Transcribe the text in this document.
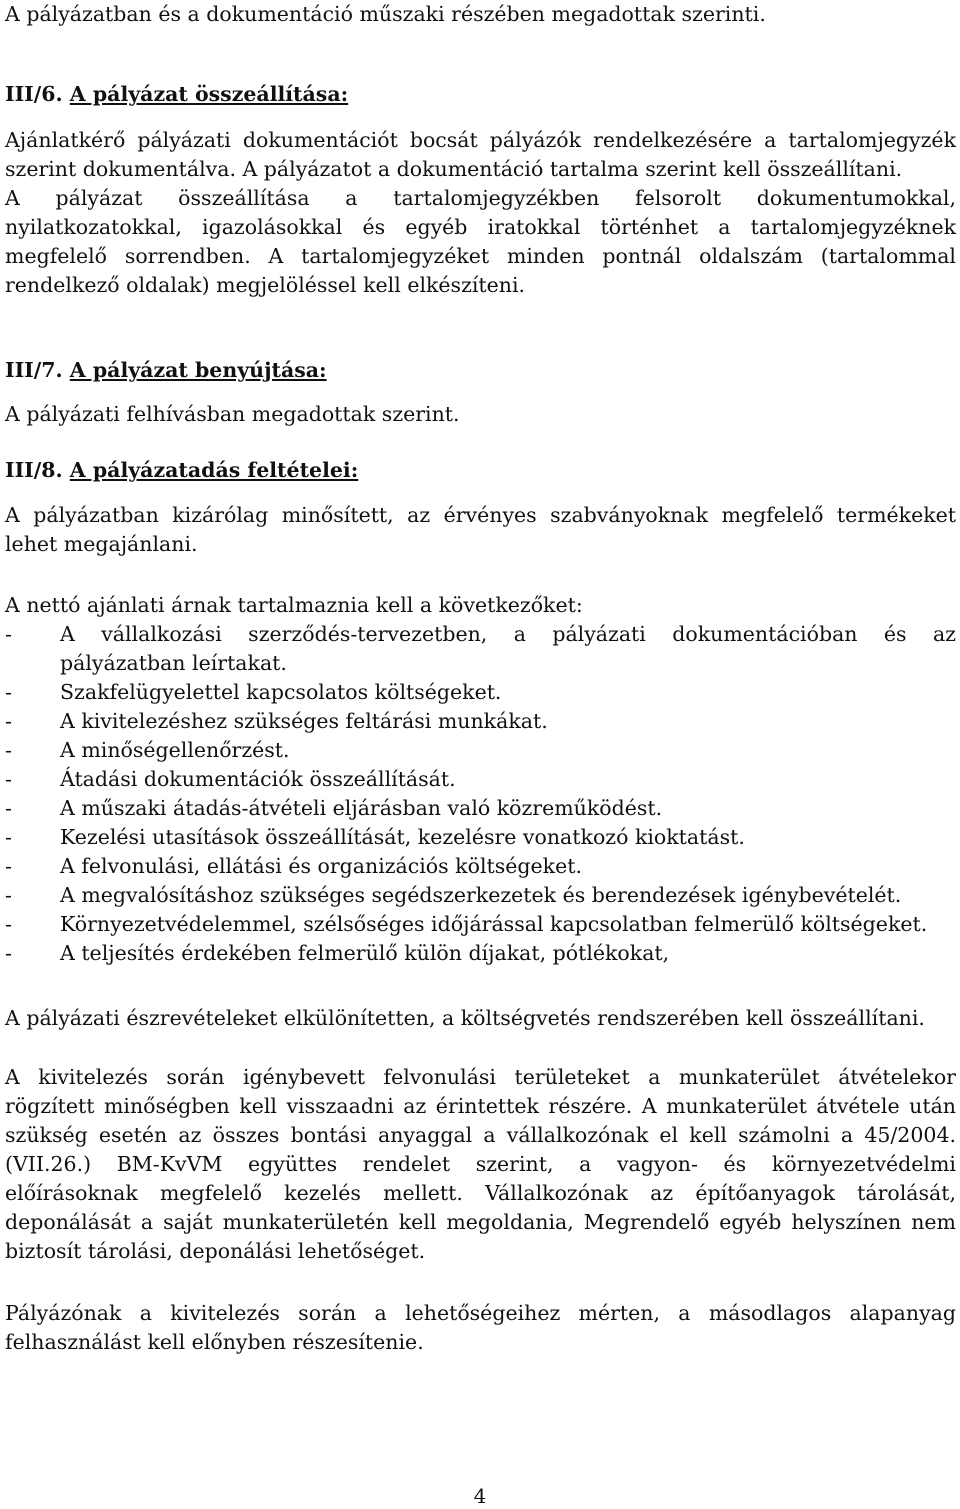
A pályázatban és a dokumentáció műszaki részében megadottak szerinti.
III/6. A pályázat összeállítása:
Ajánlatkérő pályázati dokumentációt bocsát pályázók rendelkezésére a tartalomjegyzék
szerint dokumentálva. A pályázatot a dokumentáció tartalma szerint kell összeállítani.
A pályázat összeállítása a tartalomjegyzékben felsorolt dokumentumokkal,
nyilatkozatokkal, igazolásokkal és egyéb iratokkal történhet a tartalomjegyzéknek
megfelelő sorrendben. A tartalomjegyzéket minden pontnál oldalszám (tartalommal
rendelkező oldalak) megjelöléssel kell elkészíteni.
III/7. A pályázat benyújtása:
A pályázati felhívásban megadottak szerint.
III/8. A pályázatadás feltételei:
A pályázatban kizárólag minősített, az érvényes szabványoknak megfelelő termékeket
lehet megajánlani.
A nettó ajánlati árnak tartalmaznia kell a következőket:
- A vállalkozási szerződés-tervezetben, a pályázati dokumentációban és az
pályázatban leírtakat.
- Szakfelügyelettel kapcsolatos költségeket.
- A kivitelezéshez szükséges feltárási munkákat.
- A minőségellenőrzést.
- Átadási dokumentációk összeállítását.
- A műszaki átadás-átvételi eljárásban való közreműködést.
- Kezelési utasítások összeállítását, kezelésre vonatkozó kioktatást.
- A felvonulási, ellátási és organizációs költségeket.
- A megvalósításhoz szükséges segédszerkezetek és berendezések igénybevételét.
- Környezetvédelemmel, szélsőséges időjárással kapcsolatban felmerülő költségeket.
- A teljesítés érdekében felmerülő külön díjakat, pótlékokat,
A pályázati észrevételeket elkülönítetten, a költségvetés rendszerében kell összeállítani.
A kivitelezés során igénybevett felvonulási területeket a munkaterület átvételekor
rögzített minőségben kell visszaadni az érintettek részére. A munkaterület átvétele után
szükség esetén az összes bontási anyaggal a vállalkozónak el kell számolni a 45/2004.
(VII.26.) BM-KvVM együttes rendelet szerint, a vagyon- és környezetvédelmi
előírásoknak megfelelő kezelés mellett. Vállalkozónak az építőanyagok tárolását,
deponálását a saját munkaterületén kell megoldania, Megrendelő egyéb helyszínen nem
biztosít tárolási, deponálási lehetőséget.
Pályázónak a kivitelezés során a lehetőségeihez mérten, a másodlagos alapanyag
felhasználást kell előnyben részesítenie.
4
